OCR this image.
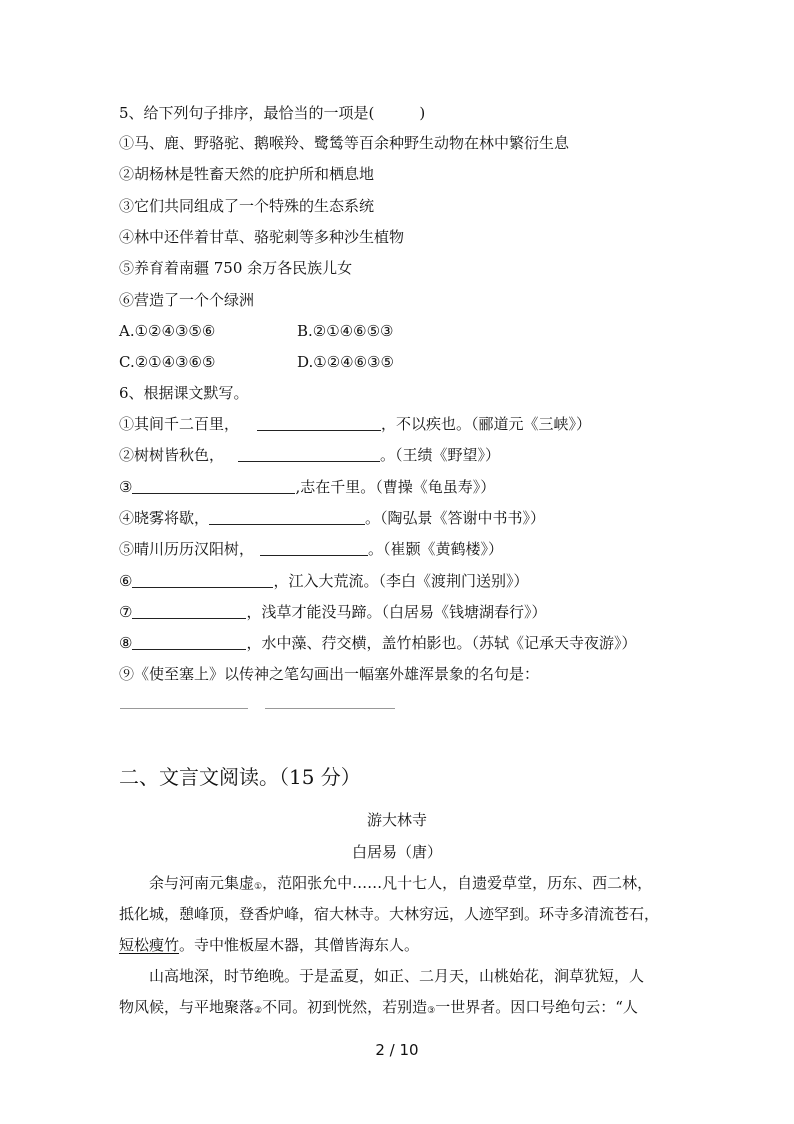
5、给下列句子排序，最恰当的一项是(　　　)
①马、鹿、野骆驼、鹅喉羚、鹭鸶等百余种野生动物在林中繁衍生息
②胡杨林是牲畜天然的庇护所和栖息地
③它们共同组成了一个特殊的生态系统
④林中还伴着甘草、骆驼刺等多种沙生植物
⑤养育着南疆 750 余万各民族儿女
⑥营造了一个个绿洲
A.①②④③⑤⑥	B.②①④⑥⑤③
C.②①④③⑥⑤	D.①②④⑥③⑤
6、根据课文默写。
①其间千二百里，	，不以疾也。（郦道元《三峡》）
②树树皆秋色，	。（王绩《野望》）
③	,志在千里。（曹操《龟虽寿》）
④晓雾将歇，	。（陶弘景《答谢中书书》）
⑤晴川历历汉阳树，	。（崔颢《黄鹤楼》）
⑥	，江入大荒流。（李白《渡荆门送别》）
⑦	，浅草才能没马蹄。（白居易《钱塘湖春行》）
⑧	，水中藻、荇交横，盖竹柏影也。（苏轼《记承天寺夜游》）
⑨《使至塞上》以传神之笔勾画出一幅塞外雄浑景象的名句是：
二、文言文阅读。（15 分）
游大林寺
白居易（唐）
余与河南元集虚$_①$，范阳张允中……凡十七人，自遗爱草堂，历东、西二林，
抵化城，憩峰顶，登香炉峰，宿大林寺。大林穷远，人迹罕到。环寺多清流苍石，
短松瘦竹。寺中惟板屋木器，其僧皆海东人。
山高地深，时节绝晚。于是孟夏，如正、二月天，山桃始花，涧草犹短，人
物风候，与平地聚落$_②$不同。初到恍然，若别造$_③$一世界者。因口号绝句云：“人
2 / 10
